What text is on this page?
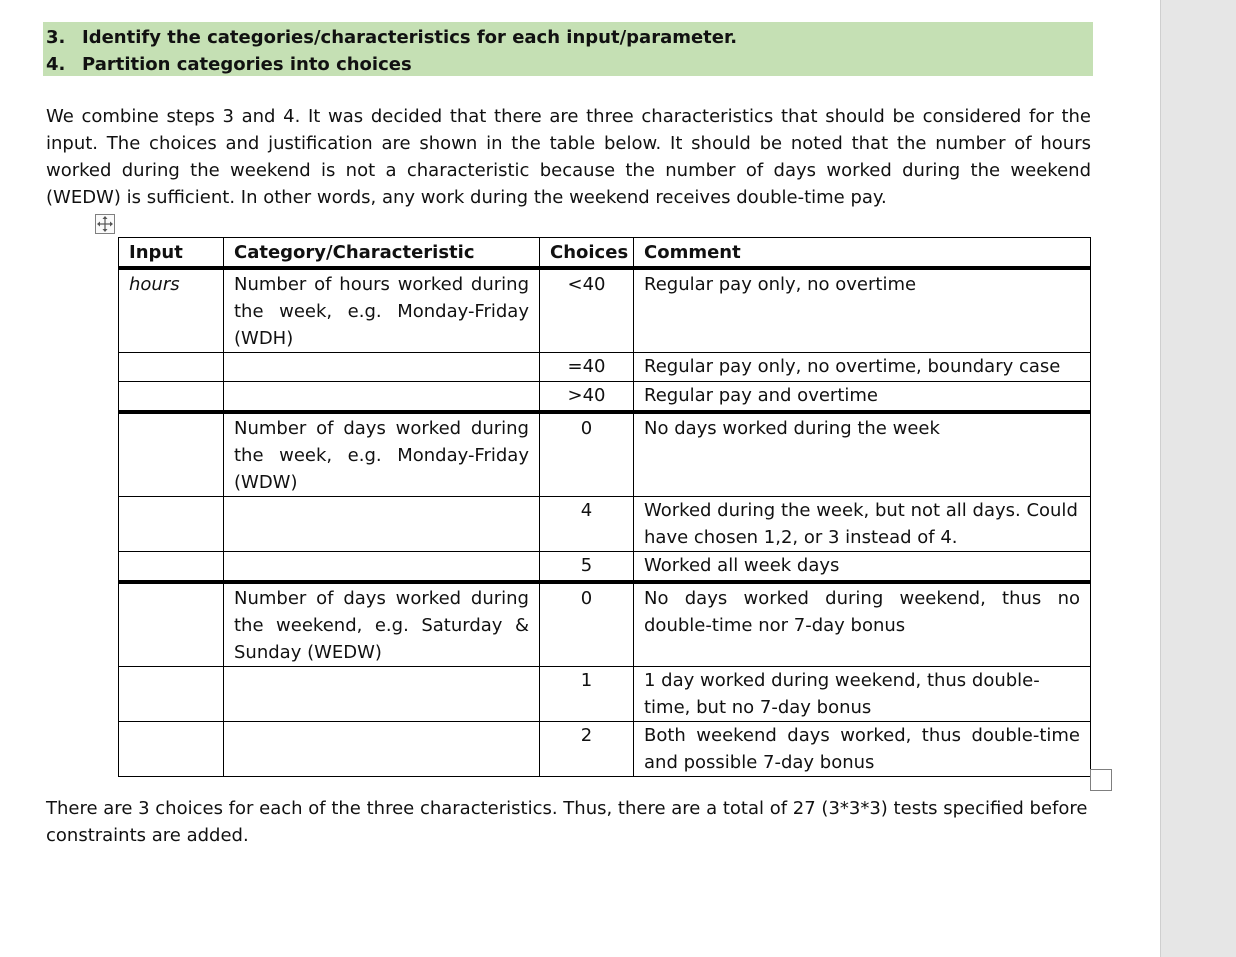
3. Identify the categories/characteristics for each input/parameter.
4. Partition categories into choices

We combine steps 3 and 4. It was decided that there are three characteristics that should be considered for the input. The choices and justification are shown in the table below. It should be noted that the number of hours worked during the weekend is not a characteristic because the number of days worked during the weekend (WEDW) is sufficient. In other words, any work during the weekend receives double-time pay.

Input	Category/Characteristic	Choices	Comment
hours	Number of hours worked during the week, e.g. Monday-Friday (WDH)	<40	Regular pay only, no overtime
		=40	Regular pay only, no overtime, boundary case
		>40	Regular pay and overtime
	Number of days worked during the week, e.g. Monday-Friday (WDW)	0	No days worked during the week
		4	Worked during the week, but not all days. Could have chosen 1,2, or 3 instead of 4.
		5	Worked all week days
	Number of days worked during the weekend, e.g. Saturday & Sunday (WEDW)	0	No days worked during weekend, thus no double-time nor 7-day bonus
		1	1 day worked during weekend, thus double-time, but no 7-day bonus
		2	Both weekend days worked, thus double-time and possible 7-day bonus

There are 3 choices for each of the three characteristics. Thus, there are a total of 27 (3*3*3) tests specified before constraints are added.
